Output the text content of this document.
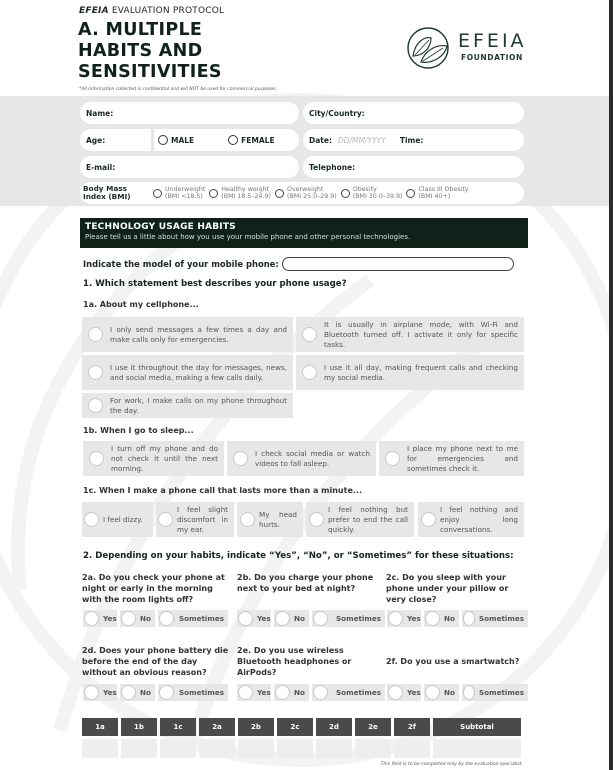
EFEIA EVALUATION PROTOCOL
A. MULTIPLE
HABITS AND
SENSITIVITIES
*All information collected is confidential and will NOT be used for commercial purposes.
EFEIA
FOUNDATION
Name:	City/Country:
Age:	MALE	FEMALE	Date: DD/MM/YYYY Time:
E-mail:	Telephone:
Body Mass
Index (BMI)
Underweight
(BMI <18.5)
Healthy weight
(BMI 18.5–24.9)
Overweight
(BMI 25.0–29.9)
Obesity
(BMI 30.0–39.9)
Class III Obesity
(BMI 40+)
TECHNOLOGY USAGE HABITS
Please tell us a little about how you use your mobile phone and other personal technologies.
Indicate the model of your mobile phone:
1. Which statement best describes your phone usage?
1a. About my cellphone...
I only send messages a few times a day and make calls only for emergencies.
It is usually in airplane mode, with Wi-Fi and Bluetooth turned off. I activate it only for specific tasks.
I use it throughout the day for messages, news, and social media, making a few calls daily.
I use it all day, making frequent calls and checking my social media.
For work, I make calls on my phone throughout the day.
1b. When I go to sleep...
I turn off my phone and do not check it until the next morning.
I check social media or watch videos to fall asleep.
I place my phone next to me for emergencies and sometimes check it.
1c. When I make a phone call that lasts more than a minute...
I feel dizzy.
I feel slight discomfort in my ear.
My head hurts.
I feel nothing but prefer to end the call quickly.
I feel nothing and enjoy long conversations.
2. Depending on your habits, indicate “Yes”, “No”, or “Sometimes” for these situations:
2a. Do you check your phone at night or early in the morning with the room lights off?
2b. Do you charge your phone next to your bed at night?
2c. Do you sleep with your phone under your pillow or very close?
Yes	No	Sometimes	Yes	No	Sometimes	Yes	No	Sometimes
2d. Does your phone battery die before the end of the day without an obvious reason?
2e. Do you use wireless Bluetooth headphones or AirPods?
2f. Do you use a smartwatch?
Yes	No	Sometimes	Yes	No	Sometimes	Yes	No	Sometimes
1a	1b	1c	2a	2b	2c	2d	2e	2f	Subtotal
This field is to be completed only by the evaluation specialist.
